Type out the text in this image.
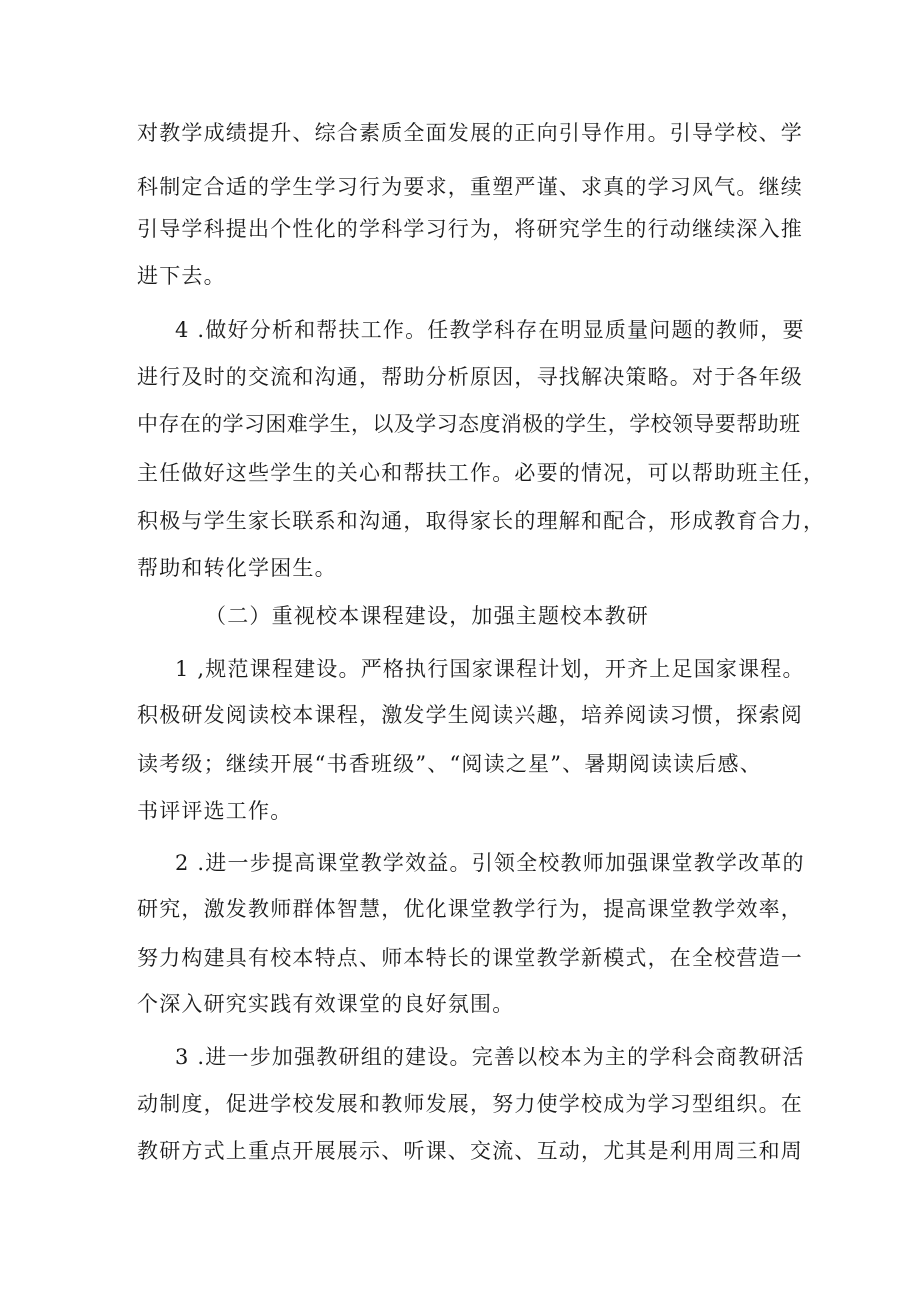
对教学成绩提升、综合素质全面发展的正向引导作用。引导学校、学
科制定合适的学生学习行为要求，重塑严谨、求真的学习风气。继续
引导学科提出个性化的学科学习行为，将研究学生的行动继续深入推
进下去。
4 .做好分析和帮扶工作。任教学科存在明显质量问题的教师，要
进行及时的交流和沟通，帮助分析原因，寻找解决策略。对于各年级
中存在的学习困难学生，以及学习态度消极的学生，学校领导要帮助班
主任做好这些学生的关心和帮扶工作。必要的情况，可以帮助班主任，
积极与学生家长联系和沟通，取得家长的理解和配合，形成教育合力，
帮助和转化学困生。
（二）重视校本课程建设，加强主题校本教研
1 ,规范课程建设。严格执行国家课程计划，开齐上足国家课程。
积极研发阅读校本课程，激发学生阅读兴趣，培养阅读习惯，探索阅
读考级；继续开展“书香班级”、“阅读之星”、暑期阅读读后感、
书评评选工作。
2 .进一步提高课堂教学效益。引领全校教师加强课堂教学改革的
研究，激发教师群体智慧，优化课堂教学行为，提高课堂教学效率，
努力构建具有校本特点、师本特长的课堂教学新模式，在全校营造一
个深入研究实践有效课堂的良好氛围。
3 .进一步加强教研组的建设。完善以校本为主的学科会商教研活
动制度，促进学校发展和教师发展，努力使学校成为学习型组织。在
教研方式上重点开展展示、听课、交流、互动，尤其是利用周三和周
